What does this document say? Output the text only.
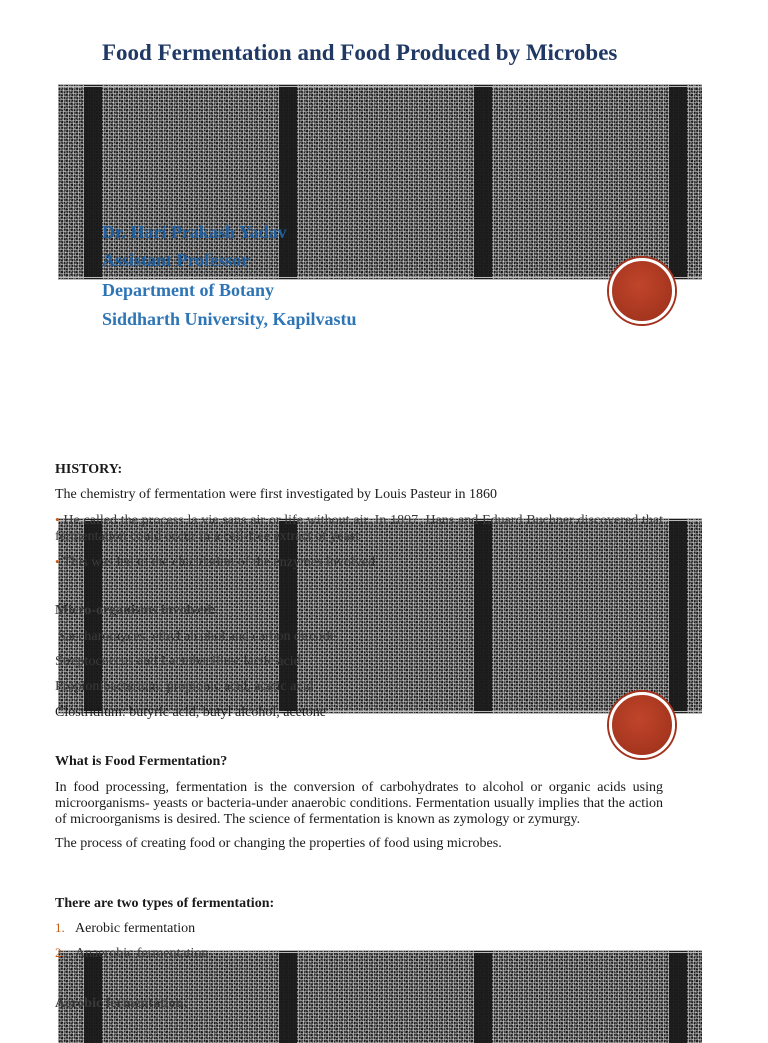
Food Fermentation and Food Produced by Microbes
Dr. Hari Prakash Yadav
Assistant Professor
Department of Botany
Siddharth University, Kapilvastu
HISTORY:
The chemistry of fermentation were first investigated by Louis Pasteur in 1860
• He called the process la vie sans air or life without air. In 1897, Hans and Eduard Buchner discovered that fermentation could occur in a cell-free extract of yeast
• This was led to the elucidation of the enzymes involved.
Micro-organisms involved:
Saccharomyces: ethyl alcohol and carbon dioxide
Streptococcus and Lactobacillus: lactic acid
Propionibacterium: propionic acid, acetic acid
Clostridium: butyric acid, butyl alcohol, acetone
What is Food Fermentation?
In food processing, fermentation is the conversion of carbohydrates to alcohol or organic acids using microorganisms- yeasts or bacteria-under anaerobic conditions. Fermentation usually implies that the action of microorganisms is desired. The science of fermentation is known as zymology or zymurgy.
The process of creating food or changing the properties of food using microbes.
There are two types of fermentation:
1. Aerobic fermentation
2. Anaerobic fermentation
Aerobic fermentation:
